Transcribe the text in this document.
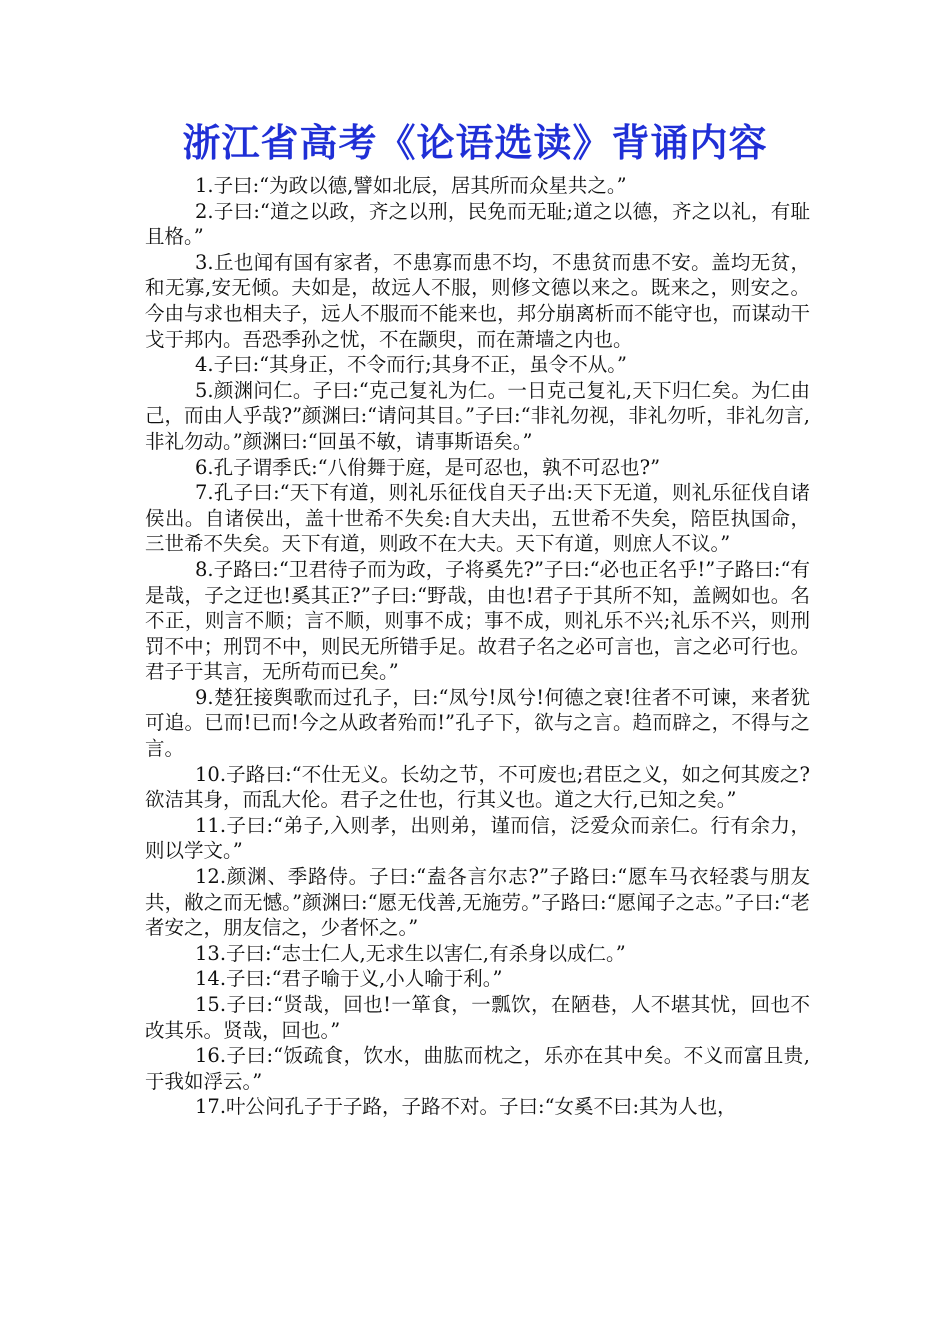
浙江省高考《论语选读》背诵内容

1.子曰:“为政以德,譬如北辰，居其所而众星共之。”

2.子曰:“道之以政，齐之以刑，民免而无耻;道之以德，齐之以礼，有耻且格。”

3.丘也闻有国有家者，不患寡而患不均，不患贫而患不安。盖均无贫，和无寡,安无倾。夫如是，故远人不服，则修文德以来之。既来之，则安之。今由与求也相夫子，远人不服而不能来也，邦分崩离析而不能守也，而谋动干戈于邦内。吾恐季孙之忧，不在颛臾，而在萧墙之内也。

4.子曰:“其身正，不令而行;其身不正，虽令不从。”

5.颜渊问仁。子曰:“克己复礼为仁。一日克己复礼,天下归仁矣。为仁由己，而由人乎哉?”颜渊曰:“请问其目。”子曰:“非礼勿视，非礼勿听，非礼勿言,非礼勿动。”颜渊曰:“回虽不敏，请事斯语矣。”

6.孔子谓季氏:“八佾舞于庭，是可忍也，孰不可忍也?”

7.孔子曰:“天下有道，则礼乐征伐自天子出:天下无道，则礼乐征伐自诸侯出。自诸侯出，盖十世希不失矣:自大夫出，五世希不失矣，陪臣执国命，三世希不失矣。天下有道，则政不在大夫。天下有道，则庶人不议。”

8.子路曰:“卫君待子而为政，子将奚先?”子曰:“必也正名乎!”子路曰:“有是哉，子之迂也!奚其正?”子曰:“野哉，由也!君子于其所不知，盖阙如也。名不正，则言不顺；言不顺，则事不成；事不成，则礼乐不兴;礼乐不兴，则刑罚不中；刑罚不中，则民无所错手足。故君子名之必可言也，言之必可行也。君子于其言，无所苟而已矣。”

9.楚狂接舆歌而过孔子，曰:“凤兮!凤兮!何德之衰!往者不可谏，来者犹可追。已而!已而!今之从政者殆而!”孔子下，欲与之言。趋而辟之，不得与之言。

10.子路曰:“不仕无义。长幼之节，不可废也;君臣之义，如之何其废之?欲洁其身，而乱大伦。君子之仕也，行其义也。道之大行,已知之矣。”

11.子曰:“弟子,入则孝，出则弟，谨而信，泛爱众而亲仁。行有余力，则以学文。”

12.颜渊、季路侍。子曰:“盍各言尔志?”子路曰:“愿车马衣轻裘与朋友共，敝之而无憾。”颜渊曰:“愿无伐善,无施劳。”子路曰:“愿闻子之志。”子曰:“老者安之，朋友信之，少者怀之。”

13.子曰:“志士仁人,无求生以害仁,有杀身以成仁。”

14.子曰:“君子喻于义,小人喻于利。”

15.子曰:“贤哉，回也!一箪食，一瓢饮，在陋巷，人不堪其忧，回也不改其乐。贤哉，回也。”

16.子曰:“饭疏食，饮水，曲肱而枕之，乐亦在其中矣。不义而富且贵,于我如浮云。”

17.叶公问孔子于子路，子路不对。子曰:“女奚不曰:其为人也，
